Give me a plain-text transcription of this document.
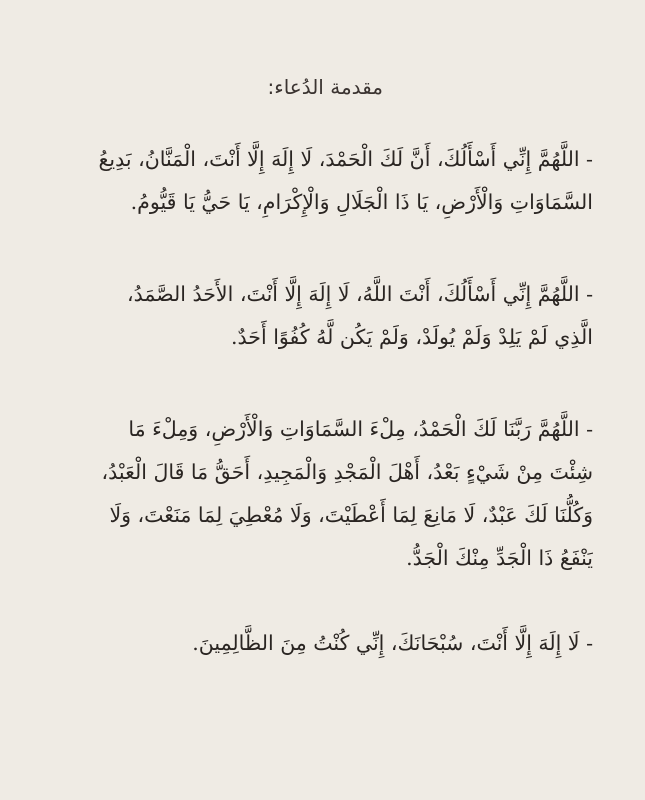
مقدمة الدُعاء:
- اللَّهُمَّ إِنِّي أَسْأَلُكَ، أَنَّ لَكَ الْحَمْدَ، لَا إِلَهَ إِلَّا أَنْتَ، الْمَنَّانُ، بَدِيعُ
السَّمَاوَاتِ وَالْأَرْضِ، يَا ذَا الْجَلَالِ وَالْإِكْرَامِ، يَا حَيُّ يَا قَيُّومُ.
- اللَّهُمَّ إِنِّي أَسْأَلُكَ، أَنْتَ اللَّهُ، لَا إِلَهَ إِلَّا أَنْتَ، الأَحَدُ الصَّمَدُ،
الَّذِي لَمْ يَلِدْ وَلَمْ يُولَدْ، وَلَمْ يَكُن لَّهُ كُفُوًا أَحَدٌ.
- اللَّهُمَّ رَبَّنَا لَكَ الْحَمْدُ، مِلْءَ السَّمَاوَاتِ وَالْأَرْضِ، وَمِلْءَ مَا
شِئْتَ مِنْ شَيْءٍ بَعْدُ، أَهْلَ الْمَجْدِ وَالْمَجِيدِ، أَحَقُّ مَا قَالَ الْعَبْدُ،
وَكُلُّنَا لَكَ عَبْدٌ، لَا مَانِعَ لِمَا أَعْطَيْتَ، وَلَا مُعْطِيَ لِمَا مَنَعْتَ، وَلَا
يَنْفَعُ ذَا الْجَدِّ مِنْكَ الْجَدُّ.
- لَا إِلَهَ إِلَّا أَنْتَ، سُبْحَانَكَ، إِنِّي كُنْتُ مِنَ الظَّالِمِينَ.
